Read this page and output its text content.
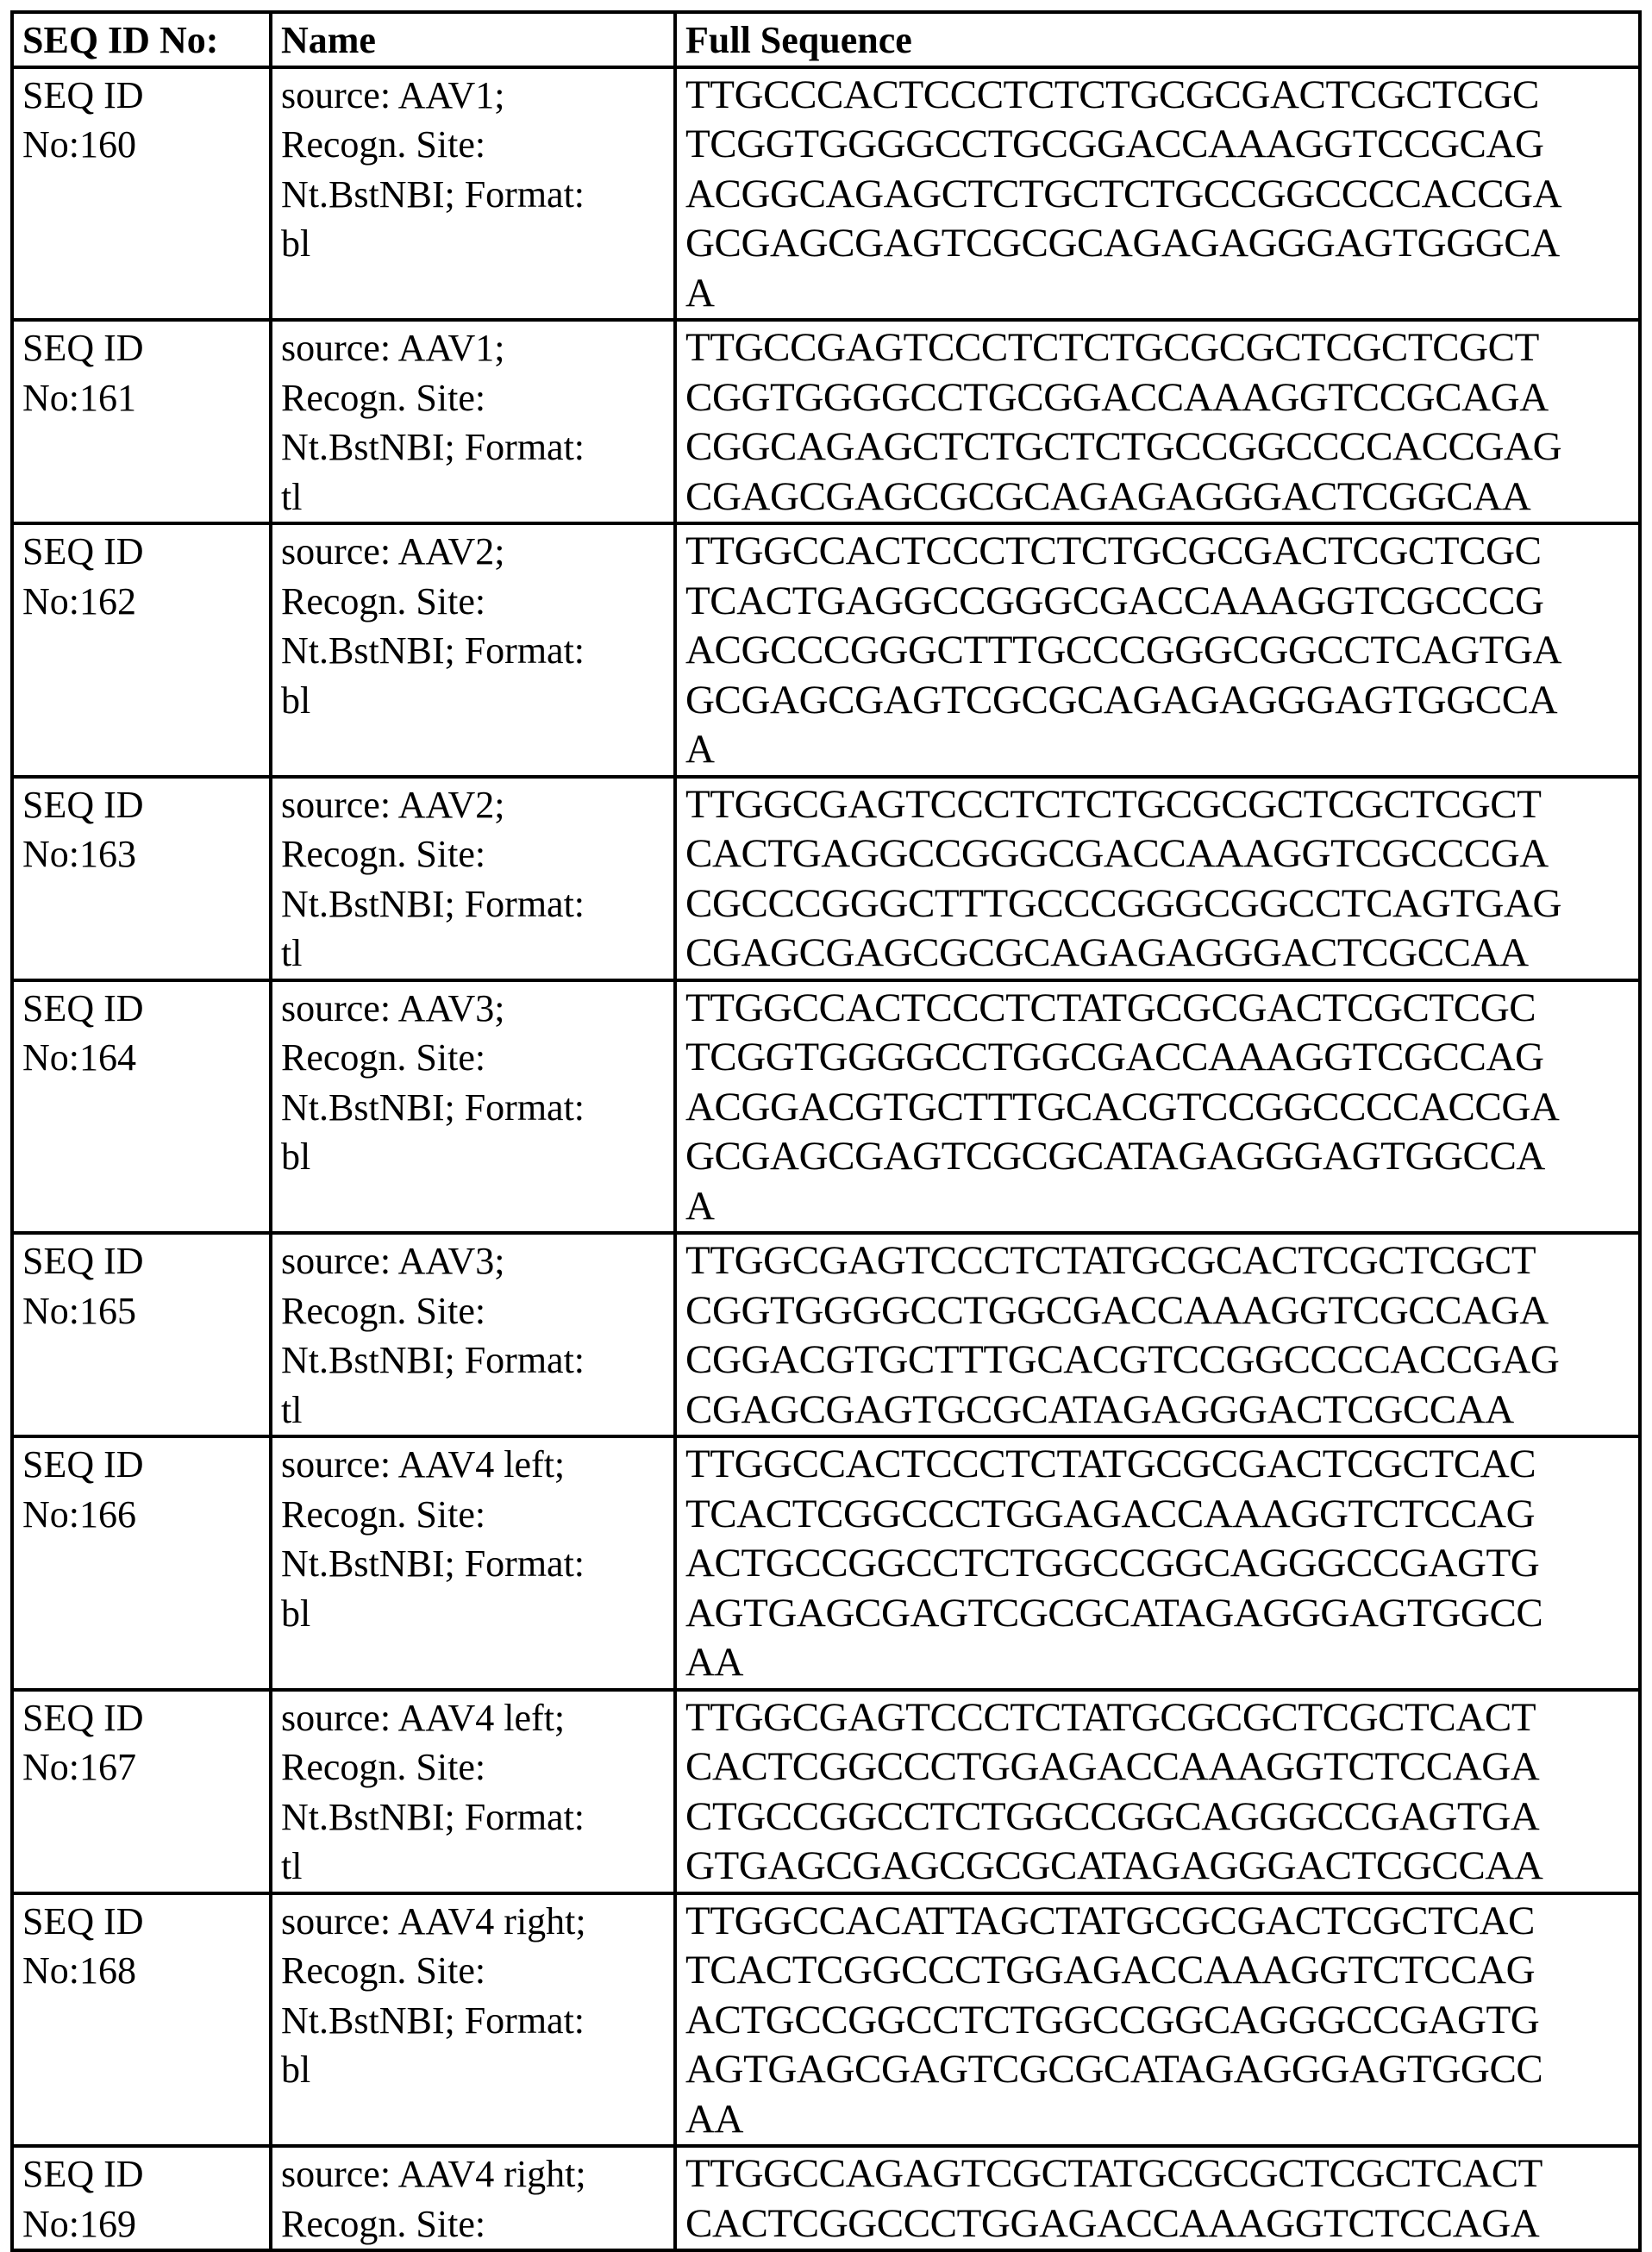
SEQ ID No:	Name	Full Sequence

SEQ ID
No:160

source: AAV1;
Recogn. Site:
Nt.BstNBI; Format:
bl

TTGCCCACTCCCTCTCTGCGCGACTCGCTCGC
TCGGTGGGGCCTGCGGACCAAAGGTCCGCAG
ACGGCAGAGCTCTGCTCTGCCGGCCCCACCGA
GCGAGCGAGTCGCGCAGAGAGGGAGTGGGCA
A

SEQ ID
No:161

source: AAV1;
Recogn. Site:
Nt.BstNBI; Format:
tl

TTGCCGAGTCCCTCTCTGCGCGCTCGCTCGCT
CGGTGGGGCCTGCGGACCAAAGGTCCGCAGA
CGGCAGAGCTCTGCTCTGCCGGCCCCACCGAG
CGAGCGAGCGCGCAGAGAGGGACTCGGCAA

SEQ ID
No:162

source: AAV2;
Recogn. Site:
Nt.BstNBI; Format:
bl

TTGGCCACTCCCTCTCTGCGCGACTCGCTCGC
TCACTGAGGCCGGGCGACCAAAGGTCGCCCG
ACGCCCGGGCTTTGCCCGGGCGGCCTCAGTGA
GCGAGCGAGTCGCGCAGAGAGGGAGTGGCCA
A

SEQ ID
No:163

source: AAV2;
Recogn. Site:
Nt.BstNBI; Format:
tl

TTGGCGAGTCCCTCTCTGCGCGCTCGCTCGCT
CACTGAGGCCGGGCGACCAAAGGTCGCCCGA
CGCCCGGGCTTTGCCCGGGCGGCCTCAGTGAG
CGAGCGAGCGCGCAGAGAGGGACTCGCCAA

SEQ ID
No:164

source: AAV3;
Recogn. Site:
Nt.BstNBI; Format:
bl

TTGGCCACTCCCTCTATGCGCGACTCGCTCGC
TCGGTGGGGCCTGGCGACCAAAGGTCGCCAG
ACGGACGTGCTTTGCACGTCCGGCCCCACCGA
GCGAGCGAGTCGCGCATAGAGGGAGTGGCCA
A

SEQ ID
No:165

source: AAV3;
Recogn. Site:
Nt.BstNBI; Format:
tl

TTGGCGAGTCCCTCTATGCGCACTCGCTCGCT
CGGTGGGGCCTGGCGACCAAAGGTCGCCAGA
CGGACGTGCTTTGCACGTCCGGCCCCACCGAG
CGAGCGAGTGCGCATAGAGGGACTCGCCAA

SEQ ID
No:166

source: AAV4 left;
Recogn. Site:
Nt.BstNBI; Format:
bl

TTGGCCACTCCCTCTATGCGCGACTCGCTCAC
TCACTCGGCCCTGGAGACCAAAGGTCTCCAG
ACTGCCGGCCTCTGGCCGGCAGGGCCGAGTG
AGTGAGCGAGTCGCGCATAGAGGGAGTGGCC
AA

SEQ ID
No:167

source: AAV4 left;
Recogn. Site:
Nt.BstNBI; Format:
tl

TTGGCGAGTCCCTCTATGCGCGCTCGCTCACT
CACTCGGCCCTGGAGACCAAAGGTCTCCAGA
CTGCCGGCCTCTGGCCGGCAGGGCCGAGTGA
GTGAGCGAGCGCGCATAGAGGGACTCGCCAA

SEQ ID
No:168

source: AAV4 right;
Recogn. Site:
Nt.BstNBI; Format:
bl

TTGGCCACATTAGCTATGCGCGACTCGCTCAC
TCACTCGGCCCTGGAGACCAAAGGTCTCCAG
ACTGCCGGCCTCTGGCCGGCAGGGCCGAGTG
AGTGAGCGAGTCGCGCATAGAGGGAGTGGCC
AA

SEQ ID
No:169

source: AAV4 right;
Recogn. Site:

TTGGCCAGAGTCGCTATGCGCGCTCGCTCACT
CACTCGGCCCTGGAGACCAAAGGTCTCCAGA
